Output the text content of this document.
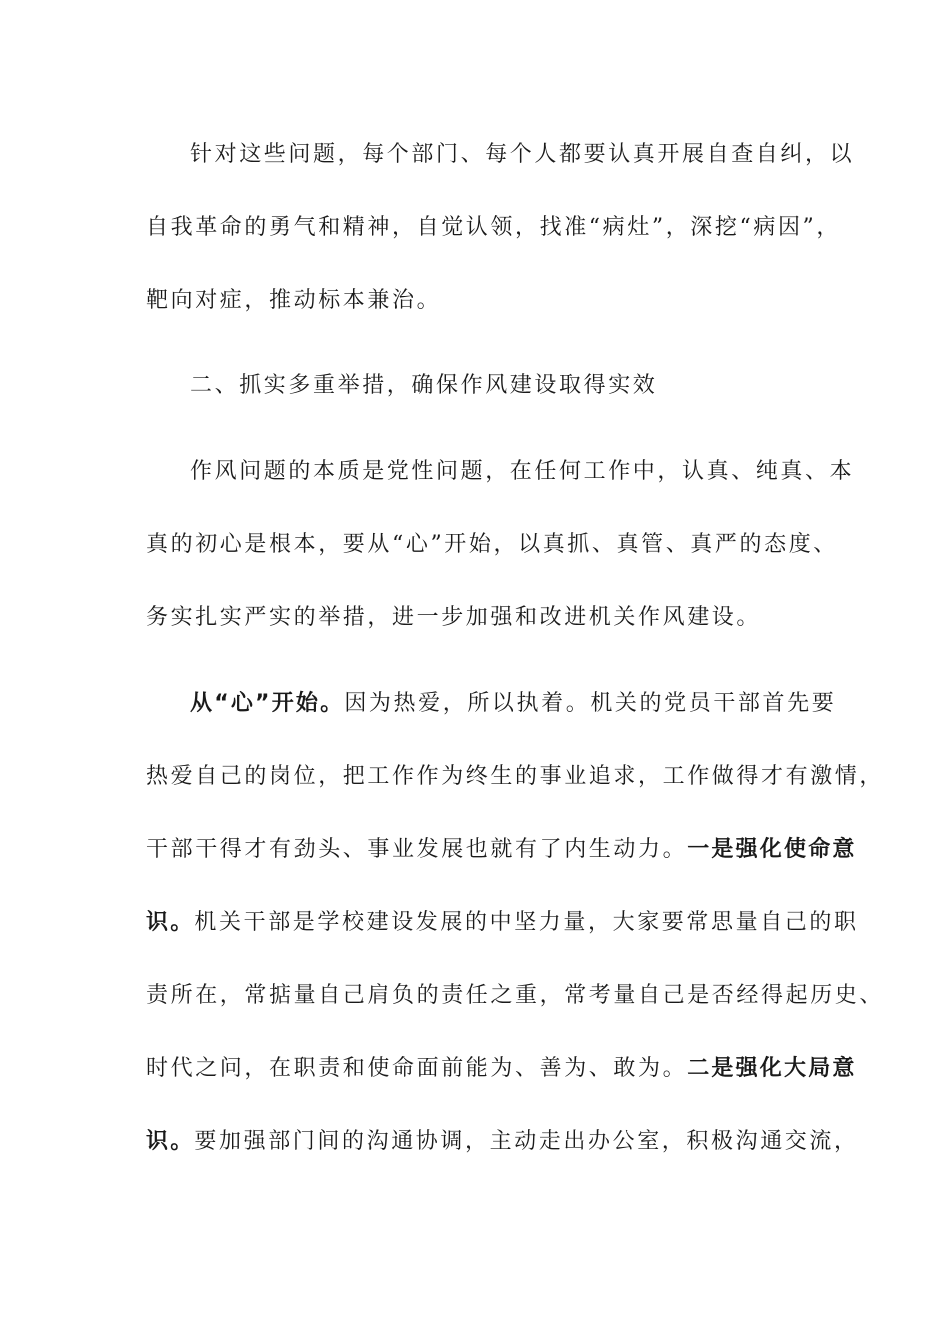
针对这些问题，每个部门、每个人都要认真开展自查自纠，以
自我革命的勇气和精神，自觉认领，找准“病灶”，深挖“病因”，
靶向对症，推动标本兼治。
二、抓实多重举措，确保作风建设取得实效
作风问题的本质是党性问题，在任何工作中，认真、纯真、本
真的初心是根本，要从“心”开始，以真抓、真管、真严的态度、
务实扎实严实的举措，进一步加强和改进机关作风建设。
从“心”开始。因为热爱，所以执着。机关的党员干部首先要
热爱自己的岗位，把工作作为终生的事业追求，工作做得才有激情，
干部干得才有劲头、事业发展也就有了内生动力。一是强化使命意
识。机关干部是学校建设发展的中坚力量，大家要常思量自己的职
责所在，常掂量自己肩负的责任之重，常考量自己是否经得起历史、
时代之问，在职责和使命面前能为、善为、敢为。二是强化大局意
识。要加强部门间的沟通协调，主动走出办公室，积极沟通交流，
